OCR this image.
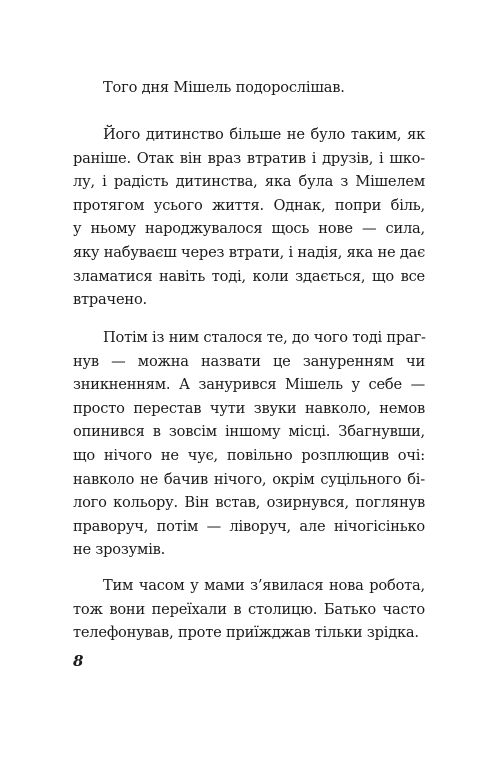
Того дня Мішель подорослішав.
Його дитинство більше не було таким, як
раніше. Отак він враз втратив і друзів, і шко-
лу, і радість дитинства, яка була з Мішелем
протягом усього життя. Однак, попри біль,
у ньому народжувалося щось нове — сила,
яку набуваєш через втрати, і надія, яка не дає
зламатися навіть тоді, коли здається, що все
втрачено.
Потім із ним сталося те, до чого тоді праг-
нув — можна назвати це зануренням чи
зникненням. А занурився Мішель у себе —
просто перестав чути звуки навколо, немов
опинився в зовсім іншому місці. Збагнувши,
що нічого не чує, повільно розплющив очі:
навколо не бачив нічого, окрім суцільного бі-
лого кольору. Він встав, озирнувся, поглянув
праворуч, потім — ліворуч, але нічогісінько
не зрозумів.
Тим часом у мами з’явилася нова робота,
тож вони переїхали в столицю. Батько часто
телефонував, проте приїжджав тільки зрідка.
8
